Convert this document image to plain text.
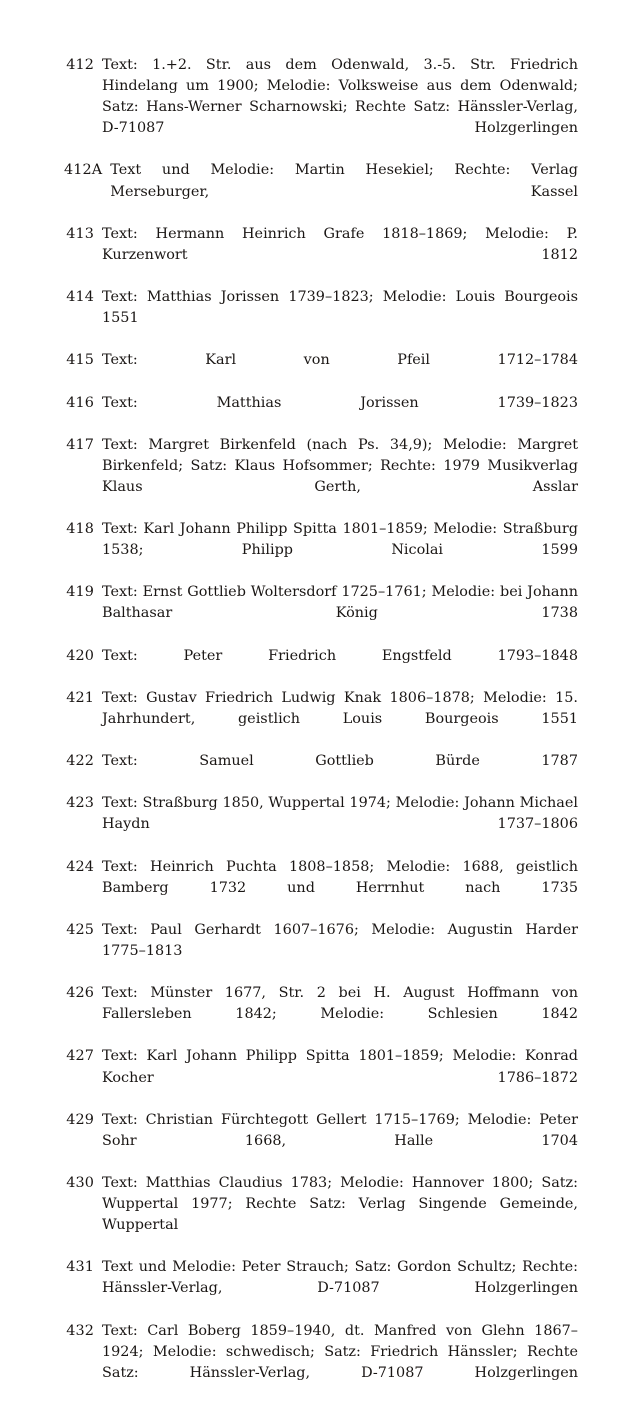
412 Text: 1.+2. Str. aus dem Odenwald, 3.-5. Str. Friedrich Hindelang um 1900; Melodie: Volksweise aus dem Odenwald; Satz: Hans-Werner Scharnowski; Rechte Satz: Hänssler-Verlag, D-71087 Holzgerlingen
412A Text und Melodie: Martin Hesekiel; Rechte: Verlag Merseburger, Kassel
413 Text: Hermann Heinrich Grafe 1818–1869; Melodie: P. Kurzenwort 1812
414 Text: Matthias Jorissen 1739–1823; Melodie: Louis Bourgeois 1551
415 Text: Karl von Pfeil 1712–1784
416 Text: Matthias Jorissen 1739–1823
417 Text: Margret Birkenfeld (nach Ps. 34,9); Melodie: Margret Birkenfeld; Satz: Klaus Hofsommer; Rechte: 1979 Musikverlag Klaus Gerth, Asslar
418 Text: Karl Johann Philipp Spitta 1801–1859; Melodie: Straßburg 1538; Philipp Nicolai 1599
419 Text: Ernst Gottlieb Woltersdorf 1725–1761; Melodie: bei Johann Balthasar König 1738
420 Text: Peter Friedrich Engstfeld 1793–1848
421 Text: Gustav Friedrich Ludwig Knak 1806–1878; Melodie: 15. Jahrhundert, geistlich Louis Bourgeois 1551
422 Text: Samuel Gottlieb Bürde 1787
423 Text: Straßburg 1850, Wuppertal 1974; Melodie: Johann Michael Haydn 1737–1806
424 Text: Heinrich Puchta 1808–1858; Melodie: 1688, geistlich Bamberg 1732 und Herrnhut nach 1735
425 Text: Paul Gerhardt 1607–1676; Melodie: Augustin Harder 1775–1813
426 Text: Münster 1677, Str. 2 bei H. August Hoffmann von Fallersleben 1842; Melodie: Schlesien 1842
427 Text: Karl Johann Philipp Spitta 1801–1859; Melodie: Konrad Kocher 1786–1872
429 Text: Christian Fürchtegott Gellert 1715–1769; Melodie: Peter Sohr 1668, Halle 1704
430 Text: Matthias Claudius 1783; Melodie: Hannover 1800; Satz: Wuppertal 1977; Rechte Satz: Verlag Singende Gemeinde, Wuppertal
431 Text und Melodie: Peter Strauch; Satz: Gordon Schultz; Rechte: Hänssler-Verlag, D-71087 Holzgerlingen
432 Text: Carl Boberg 1859–1940, dt. Manfred von Glehn 1867–1924; Melodie: schwedisch; Satz: Friedrich Hänssler; Rechte Satz: Hänssler-Verlag, D-71087 Holzgerlingen
